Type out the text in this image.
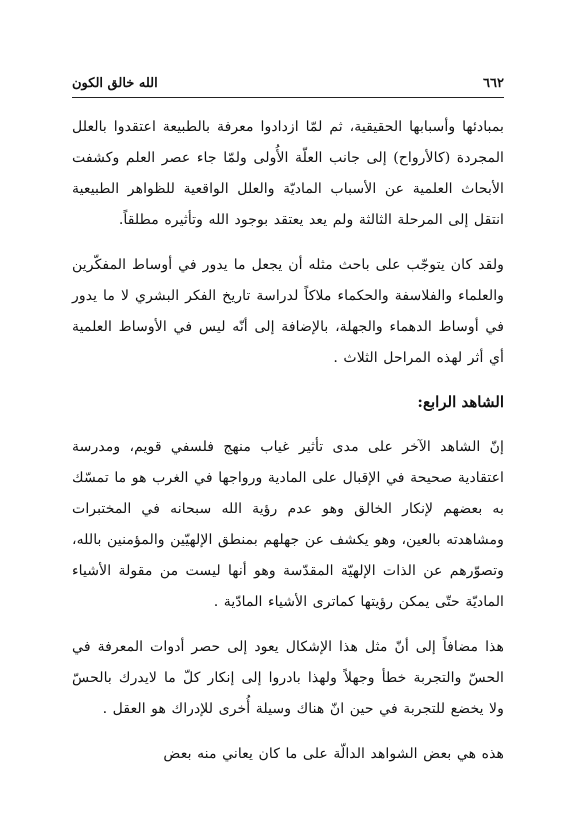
٦٦٢
الله خالق الكون

بمبادئها وأسبابها الحقيقية، ثم لمّا ازدادوا معرفة بالطبيعة اعتقدوا بالعلل المجردة (كالأرواح) إلى جانب العلّة الأُولى ولمّا جاء عصر العلم وكشفت الأبحاث العلمية عن الأسباب الماديّة والعلل الواقعية للظواهر الطبيعية انتقل إلى المرحلة الثالثة ولم يعد يعتقد بوجود الله وتأثيره مطلقاً.

ولقد كان يتوجّب على باحث مثله أن يجعل ما يدور في أوساط المفكّرين والعلماء والفلاسفة والحكماء ملاكاً لدراسة تاريخ الفكر البشري لا ما يدور في أوساط الدهماء والجهلة، بالإضافة إلى أنّه ليس في الأوساط العلمية أي أثر لهذه المراحل الثلاث .

الشاهد الرابع:

إنّ الشاهد الآخر على مدى تأثير غياب منهج فلسفي قويم، ومدرسة اعتقادية صحيحة في الإقبال على المادية ورواجها في الغرب هو ما تمسّك به بعضهم لإنكار الخالق وهو عدم رؤية الله سبحانه في المختبرات ومشاهدته بالعين، وهو يكشف عن جهلهم بمنطق الإلهيّين والمؤمنين بالله، وتصوّرهم عن الذات الإلهيّة المقدّسة وهو أنها ليست من مقولة الأشياء الماديّة حتّى يمكن رؤيتها كماترى الأشياء المادّية .

هذا مضافاً إلى أنّ مثل هذا الإشكال يعود إلى حصر أدوات المعرفة في الحسّ والتجربة خطأ وجهلاً ولهذا بادروا إلى إنكار كلّ ما لايدرك بالحسّ ولا يخضع للتجربة في حين انّ هناك وسيلة أُخرى للإدراك هو العقل .

هذه هي بعض الشواهد الدالّة على ما كان يعاني منه بعض
